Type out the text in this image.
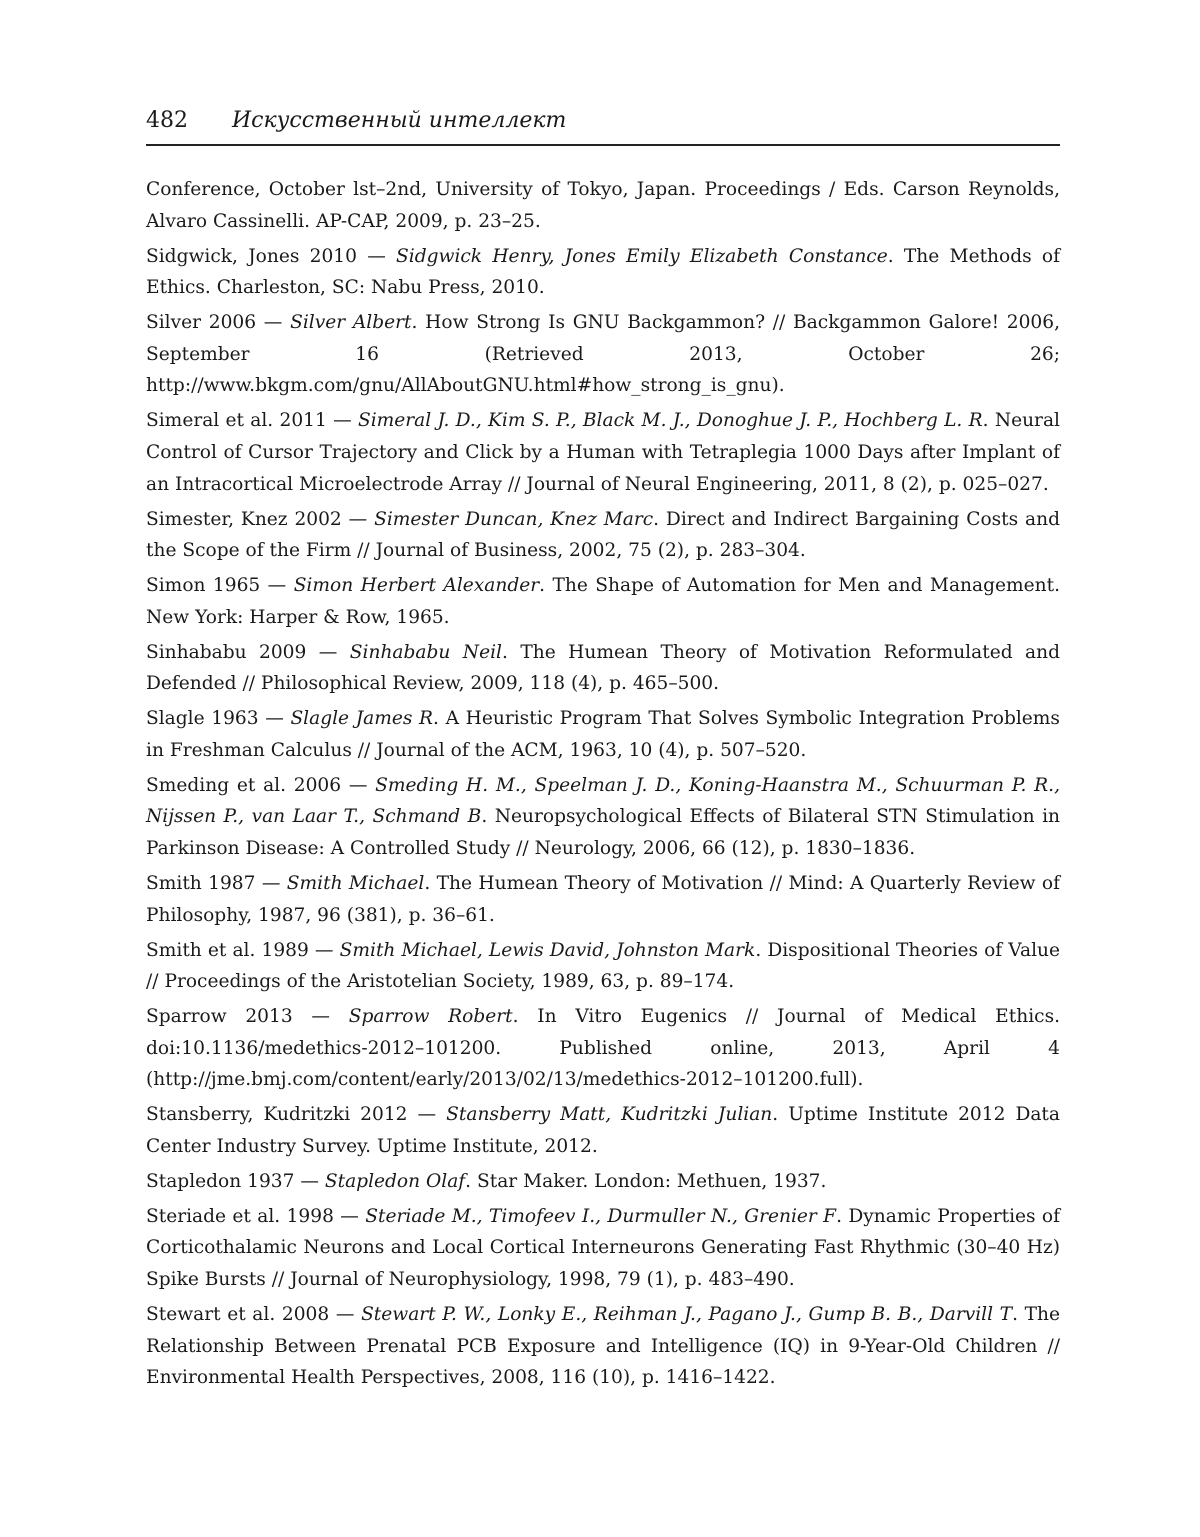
482 Искусственный интеллект

Conference, October lst–2nd, University of Tokyo, Japan. Proceedings / Eds. Carson Reynolds, Alvaro Cassinelli. AP-CAP, 2009, p. 23–25.

Sidgwick, Jones 2010 — Sidgwick Henry, Jones Emily Elizabeth Constance. The Methods of Ethics. Charleston, SC: Nabu Press, 2010.

Silver 2006 — Silver Albert. How Strong Is GNU Backgammon? // Backgammon Galore! 2006, September 16 (Retrieved 2013, October 26; http://www.bkgm.com/gnu/AllAboutGNU.html#how_strong_is_gnu).

Simeral et al. 2011 — Simeral J. D., Kim S. P., Black M. J., Donoghue J. P., Hochberg L. R. Neural Control of Cursor Trajectory and Click by a Human with Tetraplegia 1000 Days after Implant of an Intracortical Microelectrode Array // Journal of Neural Engineering, 2011, 8 (2), p. 025–027.

Simester, Knez 2002 — Simester Duncan, Knez Marc. Direct and Indirect Bargaining Costs and the Scope of the Firm // Journal of Business, 2002, 75 (2), p. 283–304.

Simon 1965 — Simon Herbert Alexander. The Shape of Automation for Men and Management. New York: Harper & Row, 1965.

Sinhababu 2009 — Sinhababu Neil. The Humean Theory of Motivation Reformulated and Defended // Philosophical Review, 2009, 118 (4), p. 465–500.

Slagle 1963 — Slagle James R. A Heuristic Program That Solves Symbolic Integration Problems in Freshman Calculus // Journal of the ACM, 1963, 10 (4), p. 507–520.

Smeding et al. 2006 — Smeding H. M., Speelman J. D., Koning-Haanstra M., Schuurman P. R., Nijssen P., van Laar T., Schmand B. Neuropsychological Effects of Bilateral STN Stimulation in Parkinson Disease: A Controlled Study // Neurology, 2006, 66 (12), p. 1830–1836.

Smith 1987 — Smith Michael. The Humean Theory of Motivation // Mind: A Quarterly Review of Philosophy, 1987, 96 (381), p. 36–61.

Smith et al. 1989 — Smith Michael, Lewis David, Johnston Mark. Dispositional Theories of Value // Proceedings of the Aristotelian Society, 1989, 63, p. 89–174.

Sparrow 2013 — Sparrow Robert. In Vitro Eugenics // Journal of Medical Ethics. doi:10.1136/medethics-2012–101200. Published online, 2013, April 4 (http://jme.bmj.com/content/early/2013/02/13/medethics-2012–101200.full).

Stansberry, Kudritzki 2012 — Stansberry Matt, Kudritzki Julian. Uptime Institute 2012 Data Center Industry Survey. Uptime Institute, 2012.

Stapledon 1937 — Stapledon Olaf. Star Maker. London: Methuen, 1937.

Steriade et al. 1998 — Steriade M., Timofeev I., Durmuller N., Grenier F. Dynamic Properties of Corticothalamic Neurons and Local Cortical Interneurons Generating Fast Rhythmic (30–40 Hz) Spike Bursts // Journal of Neurophysiology, 1998, 79 (1), p. 483–490.

Stewart et al. 2008 — Stewart P. W., Lonky E., Reihman J., Pagano J., Gump B. B., Darvill T. The Relationship Between Prenatal PCB Exposure and Intelligence (IQ) in 9-Year-Old Children // Environmental Health Perspectives, 2008, 116 (10), p. 1416–1422.
